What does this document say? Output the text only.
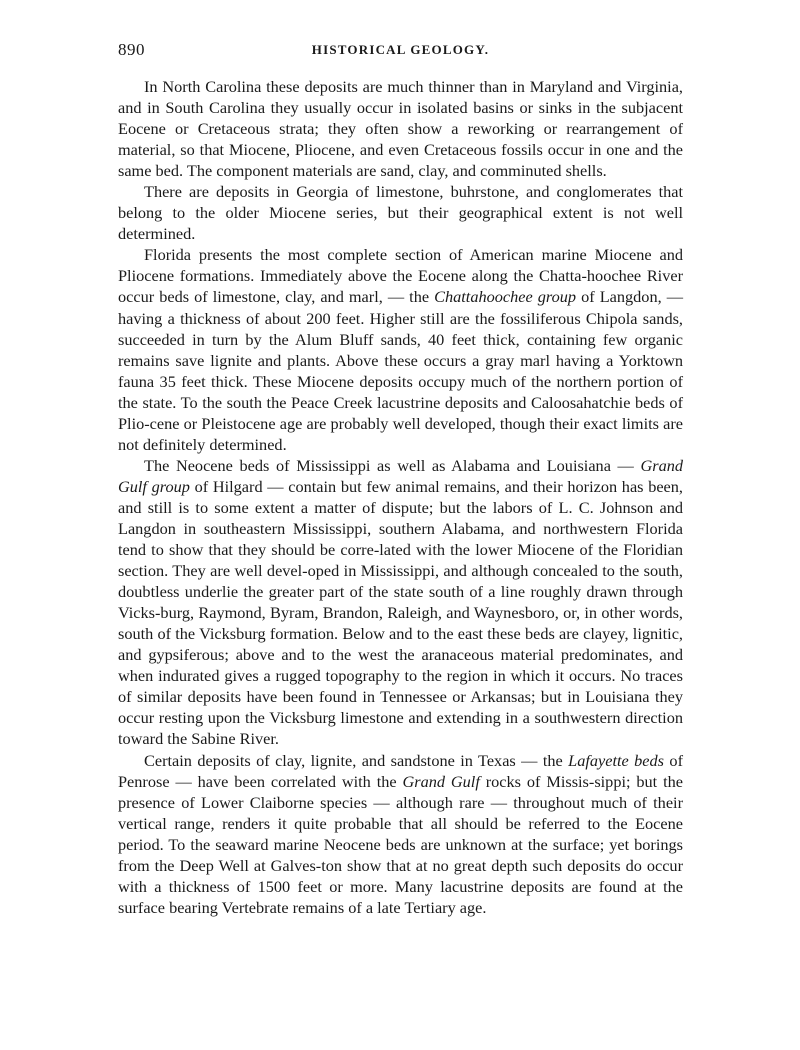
890	HISTORICAL GEOLOGY.

In North Carolina these deposits are much thinner than in Maryland and Virginia, and in South Carolina they usually occur in isolated basins or sinks in the subjacent Eocene or Cretaceous strata; they often show a reworking or rearrangement of material, so that Miocene, Pliocene, and even Cretaceous fossils occur in one and the same bed. The component materials are sand, clay, and comminuted shells.

There are deposits in Georgia of limestone, buhrstone, and conglomerates that belong to the older Miocene series, but their geographical extent is not well determined.

Florida presents the most complete section of American marine Miocene and Pliocene formations. Immediately above the Eocene along the Chatta-hoochee River occur beds of limestone, clay, and marl, — the Chattahoochee group of Langdon, — having a thickness of about 200 feet. Higher still are the fossiliferous Chipola sands, succeeded in turn by the Alum Bluff sands, 40 feet thick, containing few organic remains save lignite and plants. Above these occurs a gray marl having a Yorktown fauna 35 feet thick. These Miocene deposits occupy much of the northern portion of the state. To the south the Peace Creek lacustrine deposits and Caloosahatchie beds of Plio-cene or Pleistocene age are probably well developed, though their exact limits are not definitely determined.

The Neocene beds of Mississippi as well as Alabama and Louisiana — Grand Gulf group of Hilgard — contain but few animal remains, and their horizon has been, and still is to some extent a matter of dispute; but the labors of L. C. Johnson and Langdon in southeastern Mississippi, southern Alabama, and northwestern Florida tend to show that they should be corre-lated with the lower Miocene of the Floridian section. They are well devel-oped in Mississippi, and although concealed to the south, doubtless underlie the greater part of the state south of a line roughly drawn through Vicks-burg, Raymond, Byram, Brandon, Raleigh, and Waynesboro, or, in other words, south of the Vicksburg formation. Below and to the east these beds are clayey, lignitic, and gypsiferous; above and to the west the aranaceous material predominates, and when indurated gives a rugged topography to the region in which it occurs. No traces of similar deposits have been found in Tennessee or Arkansas; but in Louisiana they occur resting upon the Vicksburg limestone and extending in a southwestern direction toward the Sabine River.

Certain deposits of clay, lignite, and sandstone in Texas — the Lafayette beds of Penrose — have been correlated with the Grand Gulf rocks of Missis-sippi; but the presence of Lower Claiborne species — although rare — throughout much of their vertical range, renders it quite probable that all should be referred to the Eocene period. To the seaward marine Neocene beds are unknown at the surface; yet borings from the Deep Well at Galves-ton show that at no great depth such deposits do occur with a thickness of 1500 feet or more. Many lacustrine deposits are found at the surface bearing Vertebrate remains of a late Tertiary age.
